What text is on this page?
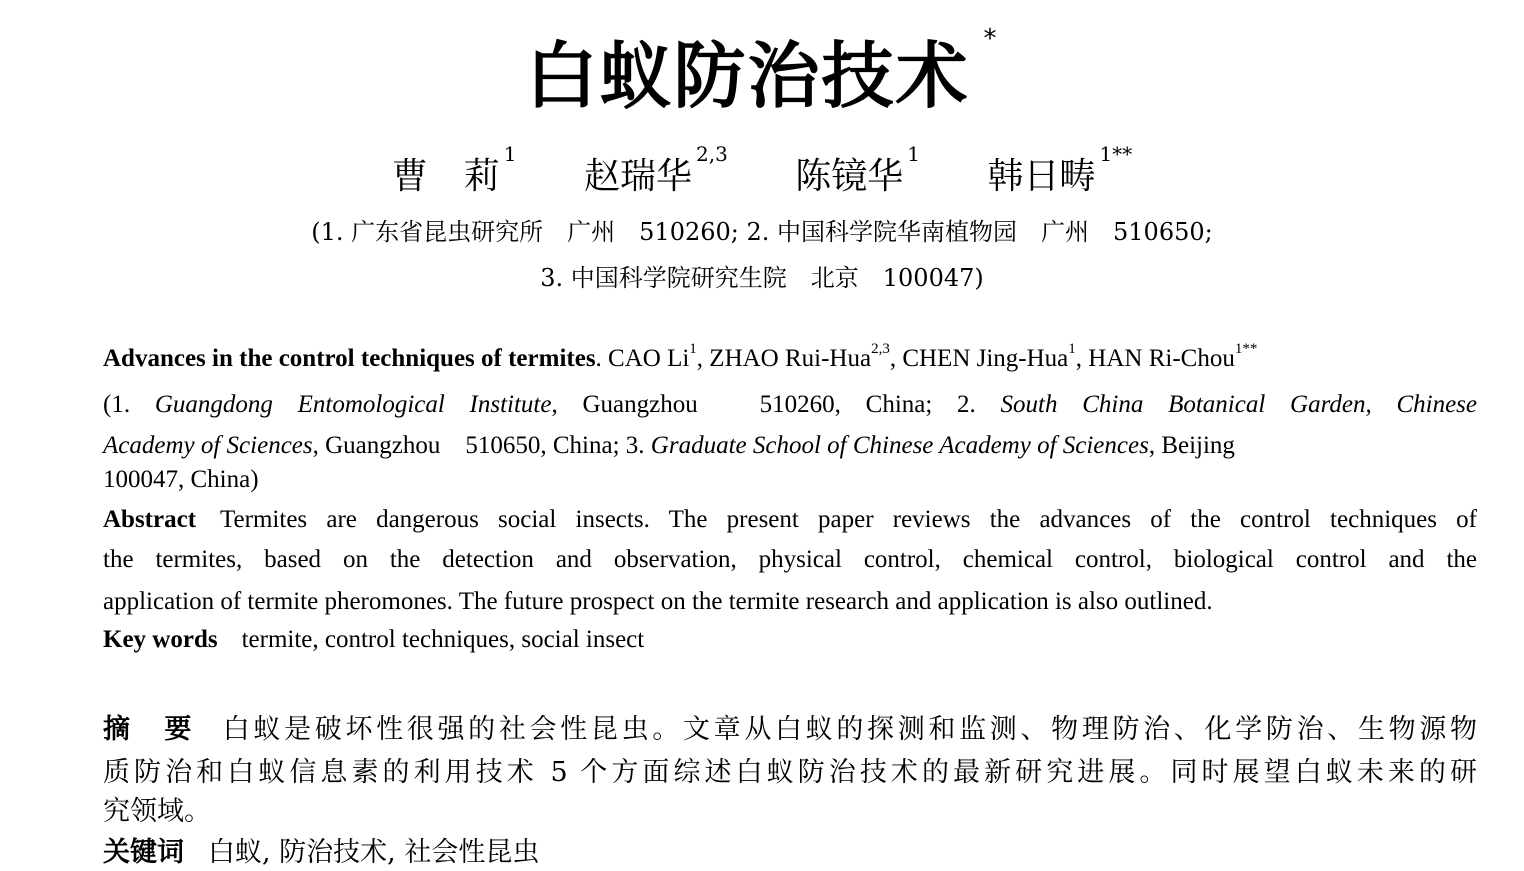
白蚁防治技术 *
曹　莉$^1$ 赵瑞华$^{2,3}$ 陈镜华$^1$ 韩日畴$^{1**}$
(1. 广东省昆虫研究所　广州　510260; 2. 中国科学院华南植物园　广州　510650;
3. 中国科学院研究生院　北京　100047)
Advances in the control techniques of termites. CAO Li$^1$, ZHAO Rui-Hua$^{2,3}$, CHEN Jing-Hua$^1$, HAN Ri-Chou$^{1**}$
(1. Guangdong Entomological Institute, Guangzhou　510260, China; 2. South China Botanical Garden, Chinese
Academy of Sciences, Guangzhou　510650, China; 3. Graduate School of Chinese Academy of Sciences, Beijing
100047, China)
Abstract Termites are dangerous social insects. The present paper reviews the advances of the control techniques of
the termites, based on the detection and observation, physical control, chemical control, biological control and the
application of termite pheromones. The future prospect on the termite research and application is also outlined.
Key words termite, control techniques, social insect
摘　要 白蚁是破坏性很强的社会性昆虫。文章从白蚁的探测和监测、物理防治、化学防治、生物源物
质防治和白蚁信息素的利用技术 5 个方面综述白蚁防治技术的最新研究进展。同时展望白蚁未来的研
究领域。
关键词 白蚁, 防治技术, 社会性昆虫
